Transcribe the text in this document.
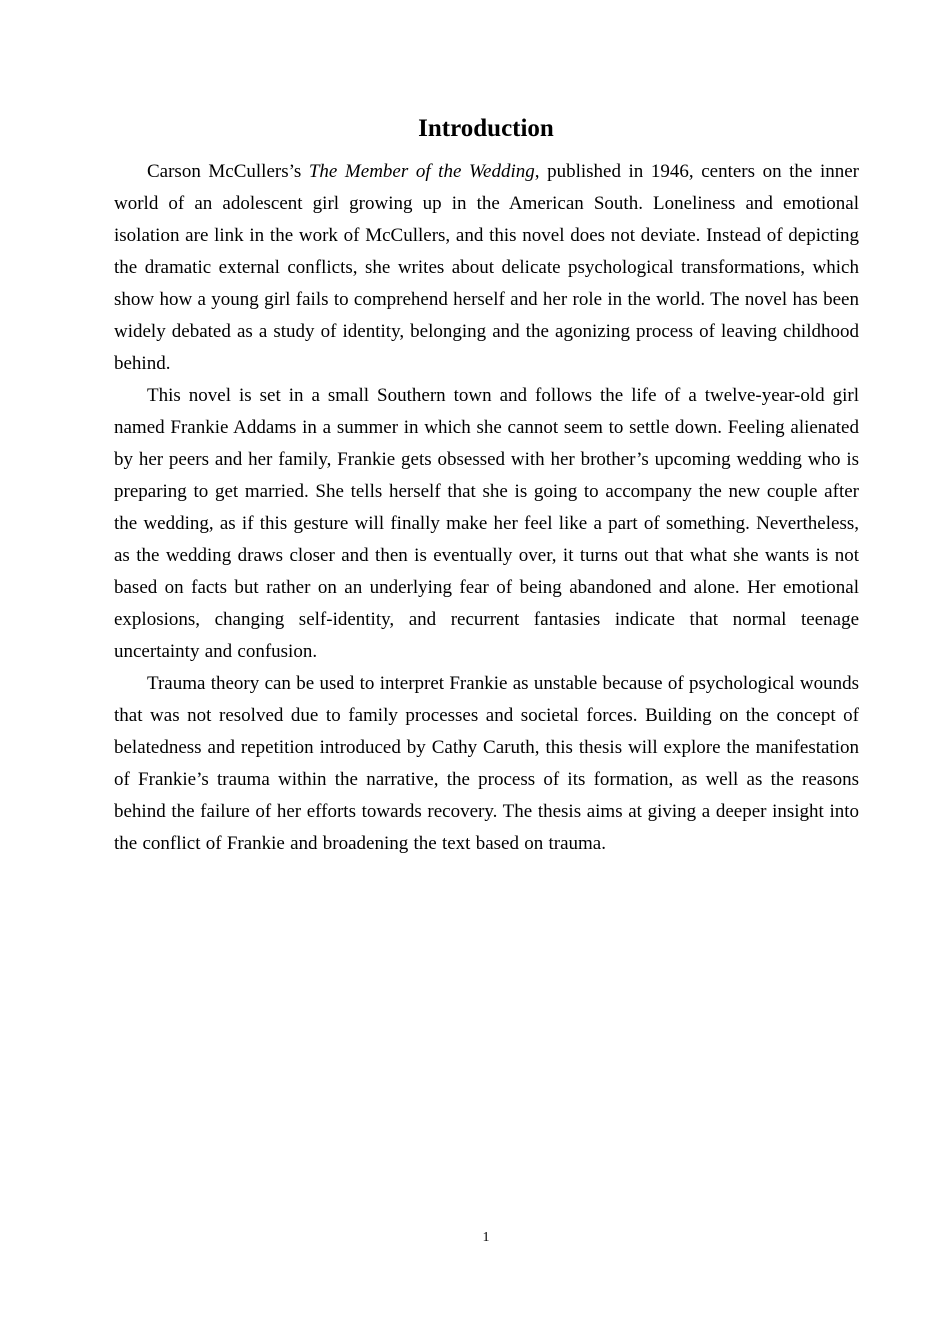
Introduction

Carson McCullers’s The Member of the Wedding, published in 1946, centers on the inner world of an adolescent girl growing up in the American South. Loneliness and emotional isolation are link in the work of McCullers, and this novel does not deviate. Instead of depicting the dramatic external conflicts, she writes about delicate psychological transformations, which show how a young girl fails to comprehend herself and her role in the world. The novel has been widely debated as a study of identity, belonging and the agonizing process of leaving childhood behind.

This novel is set in a small Southern town and follows the life of a twelve-year-old girl named Frankie Addams in a summer in which she cannot seem to settle down. Feeling alienated by her peers and her family, Frankie gets obsessed with her brother’s upcoming wedding who is preparing to get married. She tells herself that she is going to accompany the new couple after the wedding, as if this gesture will finally make her feel like a part of something. Nevertheless, as the wedding draws closer and then is eventually over, it turns out that what she wants is not based on facts but rather on an underlying fear of being abandoned and alone. Her emotional explosions, changing self-identity, and recurrent fantasies indicate that normal teenage uncertainty and confusion.

Trauma theory can be used to interpret Frankie as unstable because of psychological wounds that was not resolved due to family processes and societal forces. Building on the concept of belatedness and repetition introduced by Cathy Caruth, this thesis will explore the manifestation of Frankie’s trauma within the narrative, the process of its formation, as well as the reasons behind the failure of her efforts towards recovery. The thesis aims at giving a deeper insight into the conflict of Frankie and broadening the text based on trauma.

1
